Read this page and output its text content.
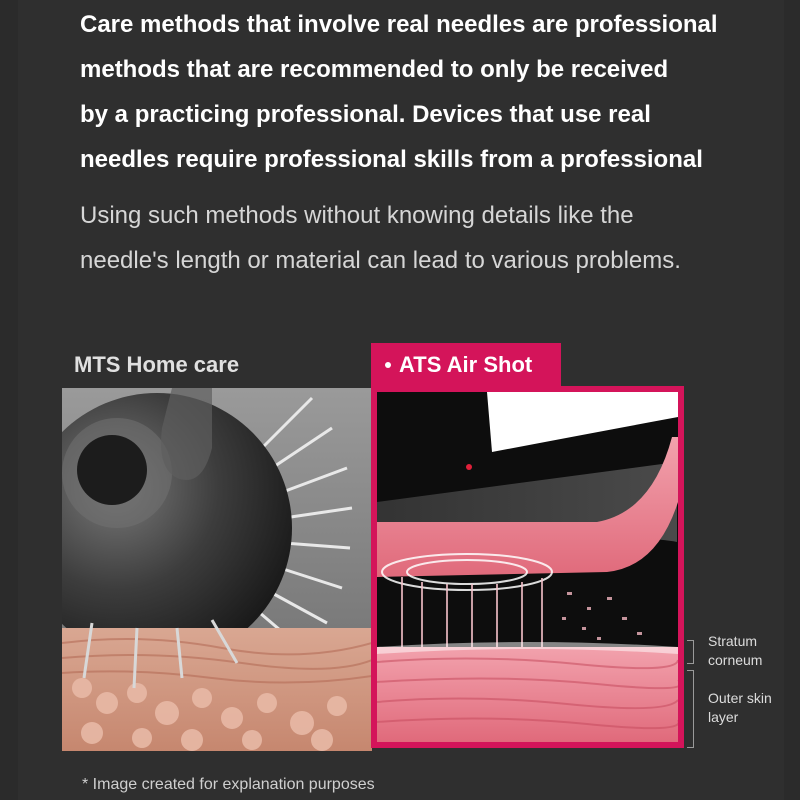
Care methods that involve real needles are professional
methods that are recommended to only be received
by a practicing professional. Devices that use real
needles require professional skills from a professional

Using such methods without knowing details like the
needle's length or material can lead to various problems.

MTS Home care	ATS Air Shot
Stratum
corneum
Outer skin
layer
* Image created for explanation purposes
